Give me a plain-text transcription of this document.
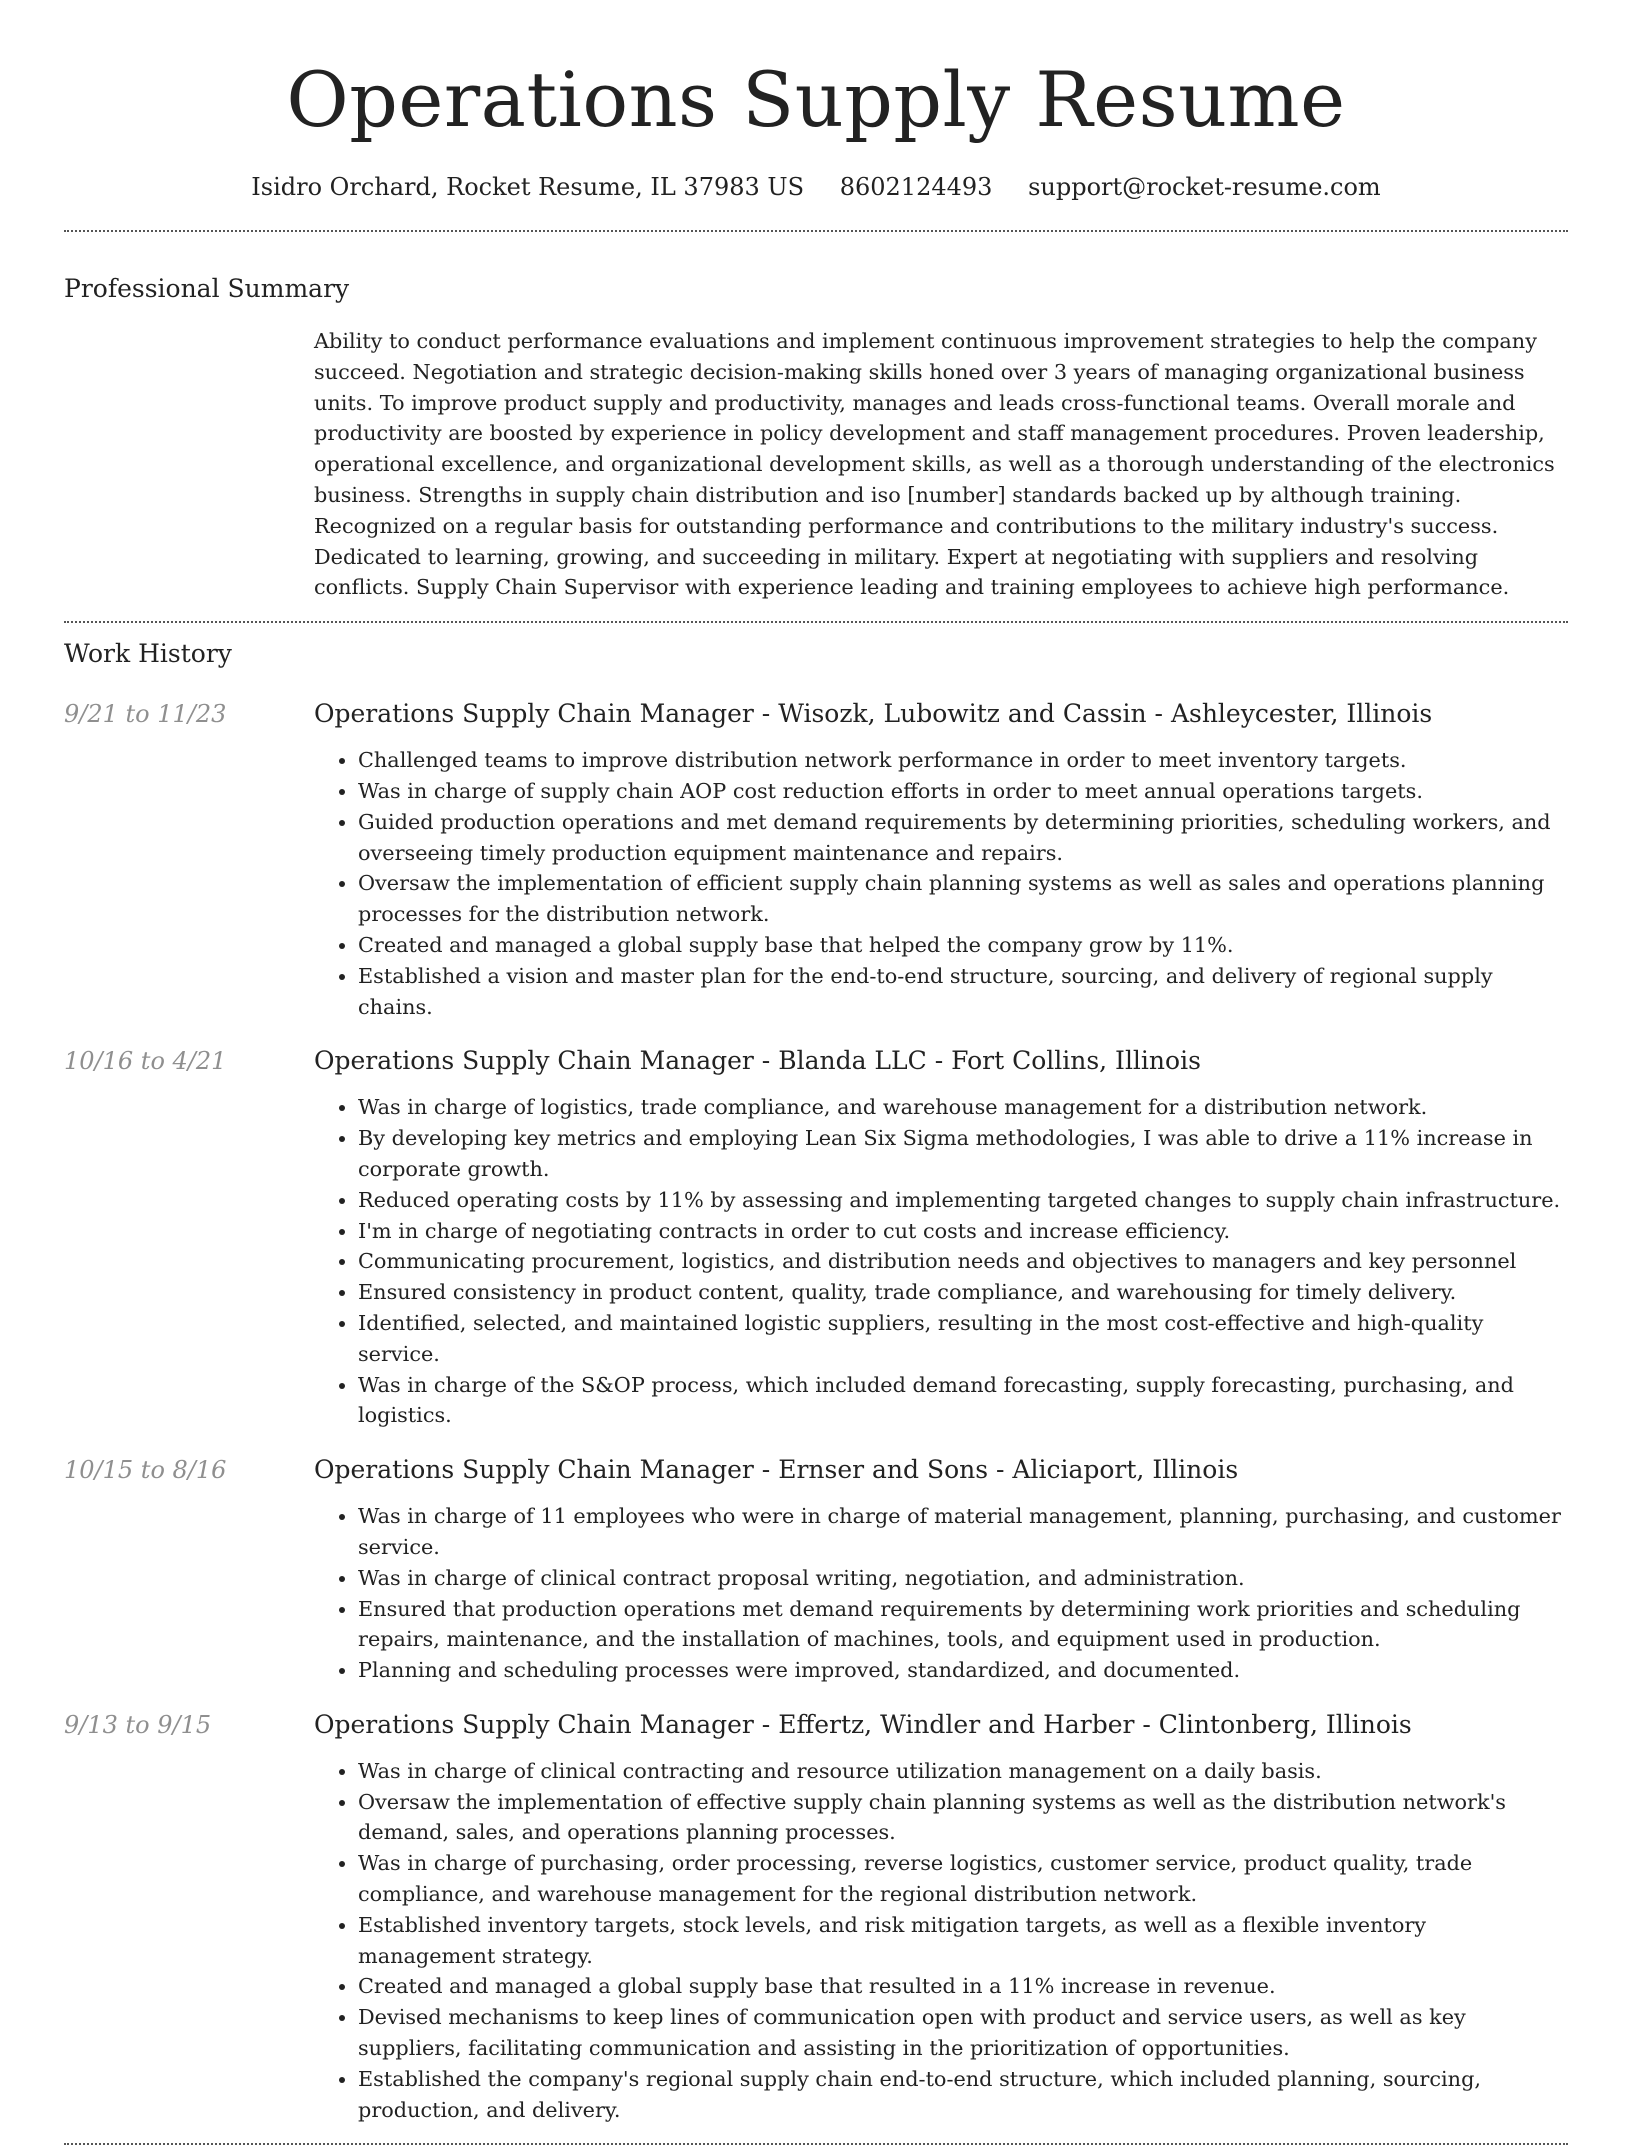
Operations Supply Resume
Isidro Orchard, Rocket Resume, IL 37983 US 8602124493 support@rocket-resume.com
Professional Summary
Ability to conduct performance evaluations and implement continuous improvement strategies to help the company succeed. Negotiation and strategic decision-making skills honed over 3 years of managing organizational business units. To improve product supply and productivity, manages and leads cross-functional teams. Overall morale and productivity are boosted by experience in policy development and staff management procedures. Proven leadership, operational excellence, and organizational development skills, as well as a thorough understanding of the electronics business. Strengths in supply chain distribution and iso [number] standards backed up by although training. Recognized on a regular basis for outstanding performance and contributions to the military industry's success. Dedicated to learning, growing, and succeeding in military. Expert at negotiating with suppliers and resolving conflicts. Supply Chain Supervisor with experience leading and training employees to achieve high performance.
Work History
9/21 to 11/23	Operations Supply Chain Manager - Wisozk, Lubowitz and Cassin - Ashleycester, Illinois
• Challenged teams to improve distribution network performance in order to meet inventory targets.
• Was in charge of supply chain AOP cost reduction efforts in order to meet annual operations targets.
• Guided production operations and met demand requirements by determining priorities, scheduling workers, and overseeing timely production equipment maintenance and repairs.
• Oversaw the implementation of efficient supply chain planning systems as well as sales and operations planning processes for the distribution network.
• Created and managed a global supply base that helped the company grow by 11%.
• Established a vision and master plan for the end-to-end structure, sourcing, and delivery of regional supply chains.
10/16 to 4/21	Operations Supply Chain Manager - Blanda LLC - Fort Collins, Illinois
• Was in charge of logistics, trade compliance, and warehouse management for a distribution network.
• By developing key metrics and employing Lean Six Sigma methodologies, I was able to drive a 11% increase in corporate growth.
• Reduced operating costs by 11% by assessing and implementing targeted changes to supply chain infrastructure.
• I'm in charge of negotiating contracts in order to cut costs and increase efficiency.
• Communicating procurement, logistics, and distribution needs and objectives to managers and key personnel
• Ensured consistency in product content, quality, trade compliance, and warehousing for timely delivery.
• Identified, selected, and maintained logistic suppliers, resulting in the most cost-effective and high-quality service.
• Was in charge of the S&OP process, which included demand forecasting, supply forecasting, purchasing, and logistics.
10/15 to 8/16	Operations Supply Chain Manager - Ernser and Sons - Aliciaport, Illinois
• Was in charge of 11 employees who were in charge of material management, planning, purchasing, and customer service.
• Was in charge of clinical contract proposal writing, negotiation, and administration.
• Ensured that production operations met demand requirements by determining work priorities and scheduling repairs, maintenance, and the installation of machines, tools, and equipment used in production.
• Planning and scheduling processes were improved, standardized, and documented.
9/13 to 9/15	Operations Supply Chain Manager - Effertz, Windler and Harber - Clintonberg, Illinois
• Was in charge of clinical contracting and resource utilization management on a daily basis.
• Oversaw the implementation of effective supply chain planning systems as well as the distribution network's demand, sales, and operations planning processes.
• Was in charge of purchasing, order processing, reverse logistics, customer service, product quality, trade compliance, and warehouse management for the regional distribution network.
• Established inventory targets, stock levels, and risk mitigation targets, as well as a flexible inventory management strategy.
• Created and managed a global supply base that resulted in a 11% increase in revenue.
• Devised mechanisms to keep lines of communication open with product and service users, as well as key suppliers, facilitating communication and assisting in the prioritization of opportunities.
• Established the company's regional supply chain end-to-end structure, which included planning, sourcing, production, and delivery.
